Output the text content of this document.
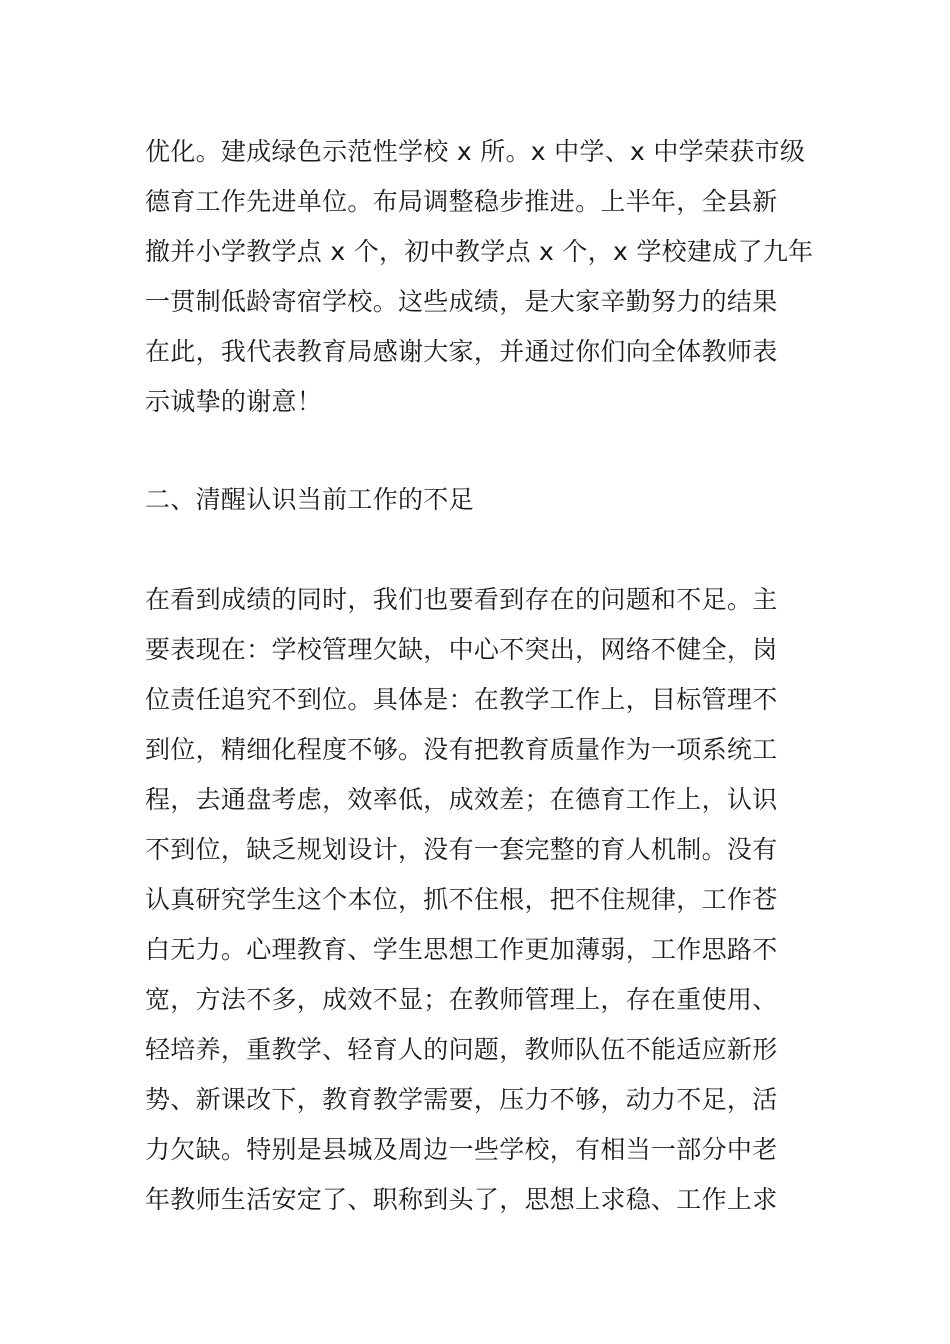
优化。建成绿色示范性学校 x 所。x 中学、x 中学荣获市级
德育工作先进单位。布局调整稳步推进。上半年，全县新
撤并小学教学点 x 个，初中教学点 x 个，x 学校建成了九年
一贯制低龄寄宿学校。这些成绩，是大家辛勤努力的结果
在此，我代表教育局感谢大家，并通过你们向全体教师表
示诚挚的谢意！
二、清醒认识当前工作的不足
在看到成绩的同时，我们也要看到存在的问题和不足。主
要表现在：学校管理欠缺，中心不突出，网络不健全，岗
位责任追究不到位。具体是：在教学工作上，目标管理不
到位，精细化程度不够。没有把教育质量作为一项系统工
程，去通盘考虑，效率低，成效差；在德育工作上，认识
不到位，缺乏规划设计，没有一套完整的育人机制。没有
认真研究学生这个本位，抓不住根，把不住规律，工作苍
白无力。心理教育、学生思想工作更加薄弱，工作思路不
宽，方法不多，成效不显；在教师管理上，存在重使用、
轻培养，重教学、轻育人的问题，教师队伍不能适应新形
势、新课改下，教育教学需要，压力不够，动力不足，活
力欠缺。特别是县城及周边一些学校，有相当一部分中老
年教师生活安定了、职称到头了，思想上求稳、工作上求
